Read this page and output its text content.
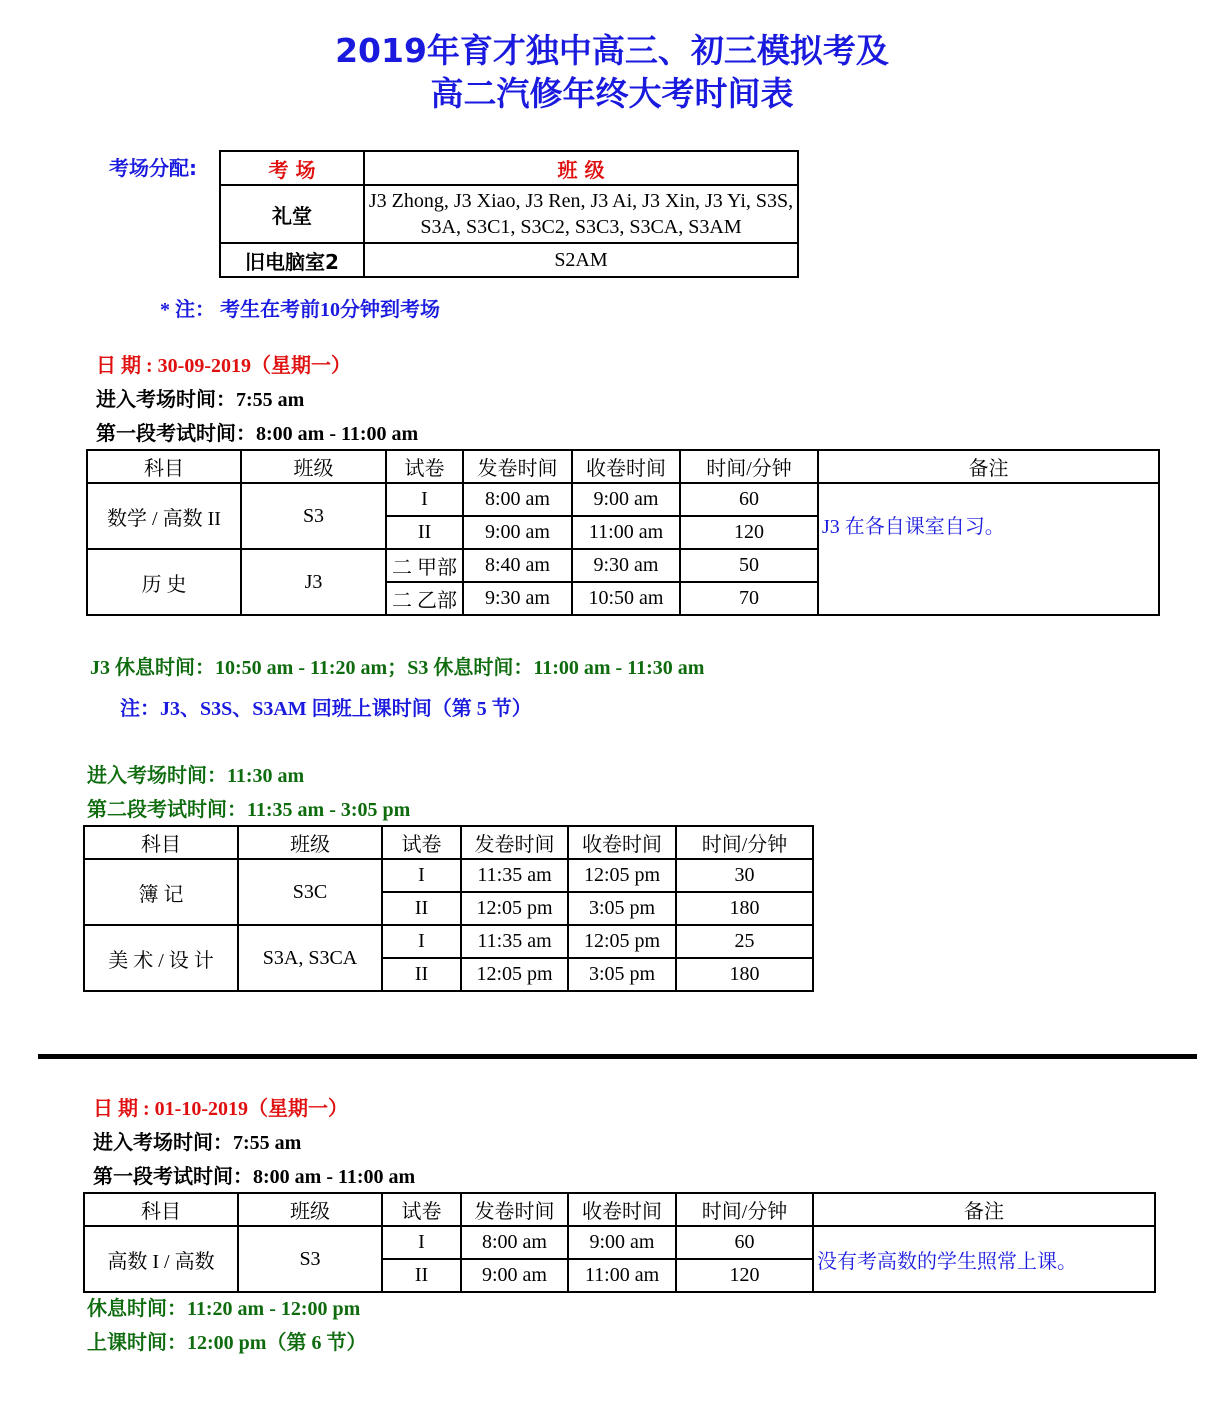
2019年育才独中高三、初三模拟考及
高二汽修年终大考时间表
考场分配:	考 场	班 级
礼堂	J3 Zhong, J3 Xiao, J3 Ren, J3 Ai, J3 Xin, J3 Yi, S3S, S3A, S3C1, S3C2, S3C3, S3CA, S3AM
旧电脑室2	S2AM
* 注： 考生在考前10分钟到考场
日 期 : 30-09-2019（星期一）
进入考场时间：7:55 am
第一段考试时间：8:00 am - 11:00 am
科目	班级	试卷	发卷时间	收卷时间	时间/分钟	备注
数学 / 高数 II	S3	I	8:00 am	9:00 am	60	J3 在各自课室自习。
		II	9:00 am	11:00 am	120	
历 史	J3	二 甲部	8:40 am	9:30 am	50	
		二 乙部	9:30 am	10:50 am	70	
J3 休息时间：10:50 am - 11:20 am；S3 休息时间：11:00 am - 11:30 am
注：J3、S3S、S3AM 回班上课时间（第 5 节）
进入考场时间：11:30 am
第二段考试时间：11:35 am - 3:05 pm
科目	班级	试卷	发卷时间	收卷时间	时间/分钟
簿 记	S3C	I	11:35 am	12:05 pm	30
		II	12:05 pm	3:05 pm	180
美 术 / 设 计	S3A, S3CA	I	11:35 am	12:05 pm	25
		II	12:05 pm	3:05 pm	180
日 期 : 01-10-2019（星期一）
进入考场时间：7:55 am
第一段考试时间：8:00 am - 11:00 am
科目	班级	试卷	发卷时间	收卷时间	时间/分钟	备注
高数 I / 高数	S3	I	8:00 am	9:00 am	60	没有考高数的学生照常上课。
		II	9:00 am	11:00 am	120	
休息时间：11:20 am - 12:00 pm
上课时间：12:00 pm（第 6 节）
